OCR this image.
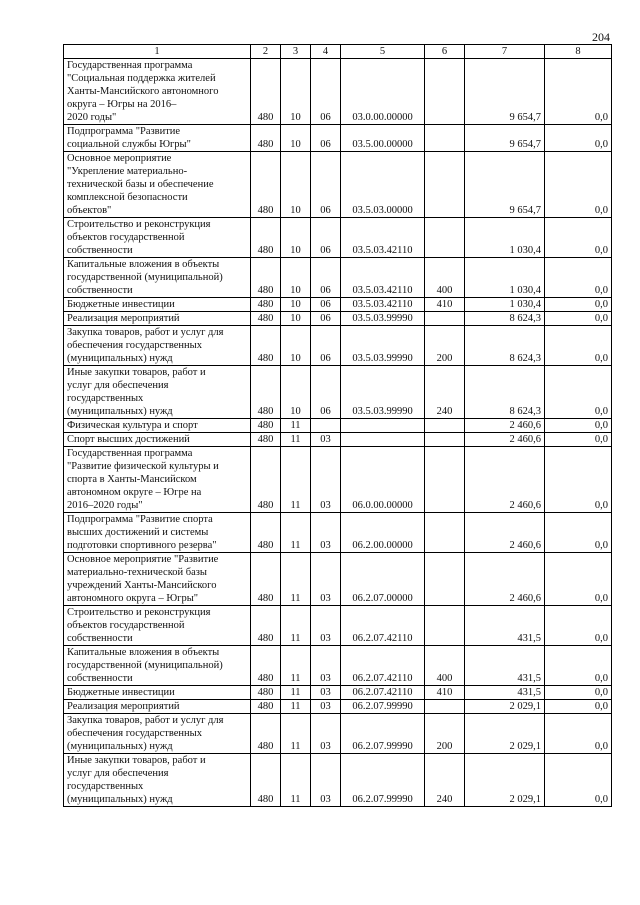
204
1	2	3	4	5	6	7	8
Государственная программа
"Социальная поддержка жителей
Ханты-Мансийского автономного
округа – Югры на 2016–
2020 годы"	480	10	06	03.0.00.00000		9 654,7	0,0
Подпрограмма "Развитие
социальной службы Югры"	480	10	06	03.5.00.00000		9 654,7	0,0
Основное мероприятие
"Укрепление материально-
технической базы и обеспечение
комплексной безопасности
объектов"	480	10	06	03.5.03.00000		9 654,7	0,0
Строительство и реконструкция
объектов государственной
собственности	480	10	06	03.5.03.42110		1 030,4	0,0
Капитальные вложения в объекты
государственной (муниципальной)
собственности	480	10	06	03.5.03.42110	400	1 030,4	0,0
Бюджетные инвестиции	480	10	06	03.5.03.42110	410	1 030,4	0,0
Реализация мероприятий	480	10	06	03.5.03.99990		8 624,3	0,0
Закупка товаров, работ и услуг для
обеспечения государственных
(муниципальных) нужд	480	10	06	03.5.03.99990	200	8 624,3	0,0
Иные закупки товаров, работ и
услуг для обеспечения
государственных
(муниципальных) нужд	480	10	06	03.5.03.99990	240	8 624,3	0,0
Физическая культура и спорт	480	11				2 460,6	0,0
Спорт высших достижений	480	11	03			2 460,6	0,0
Государственная программа
"Развитие физической культуры и
спорта в Ханты-Мансийском
автономном округе – Югре на
2016–2020 годы"	480	11	03	06.0.00.00000		2 460,6	0,0
Подпрограмма "Развитие спорта
высших достижений и системы
подготовки спортивного резерва"	480	11	03	06.2.00.00000		2 460,6	0,0
Основное мероприятие "Развитие
материально-технической базы
учреждений Ханты-Мансийского
автономного округа – Югры"	480	11	03	06.2.07.00000		2 460,6	0,0
Строительство и реконструкция
объектов государственной
собственности	480	11	03	06.2.07.42110		431,5	0,0
Капитальные вложения в объекты
государственной (муниципальной)
собственности	480	11	03	06.2.07.42110	400	431,5	0,0
Бюджетные инвестиции	480	11	03	06.2.07.42110	410	431,5	0,0
Реализация мероприятий	480	11	03	06.2.07.99990		2 029,1	0,0
Закупка товаров, работ и услуг для
обеспечения государственных
(муниципальных) нужд	480	11	03	06.2.07.99990	200	2 029,1	0,0
Иные закупки товаров, работ и
услуг для обеспечения
государственных
(муниципальных) нужд	480	11	03	06.2.07.99990	240	2 029,1	0,0
